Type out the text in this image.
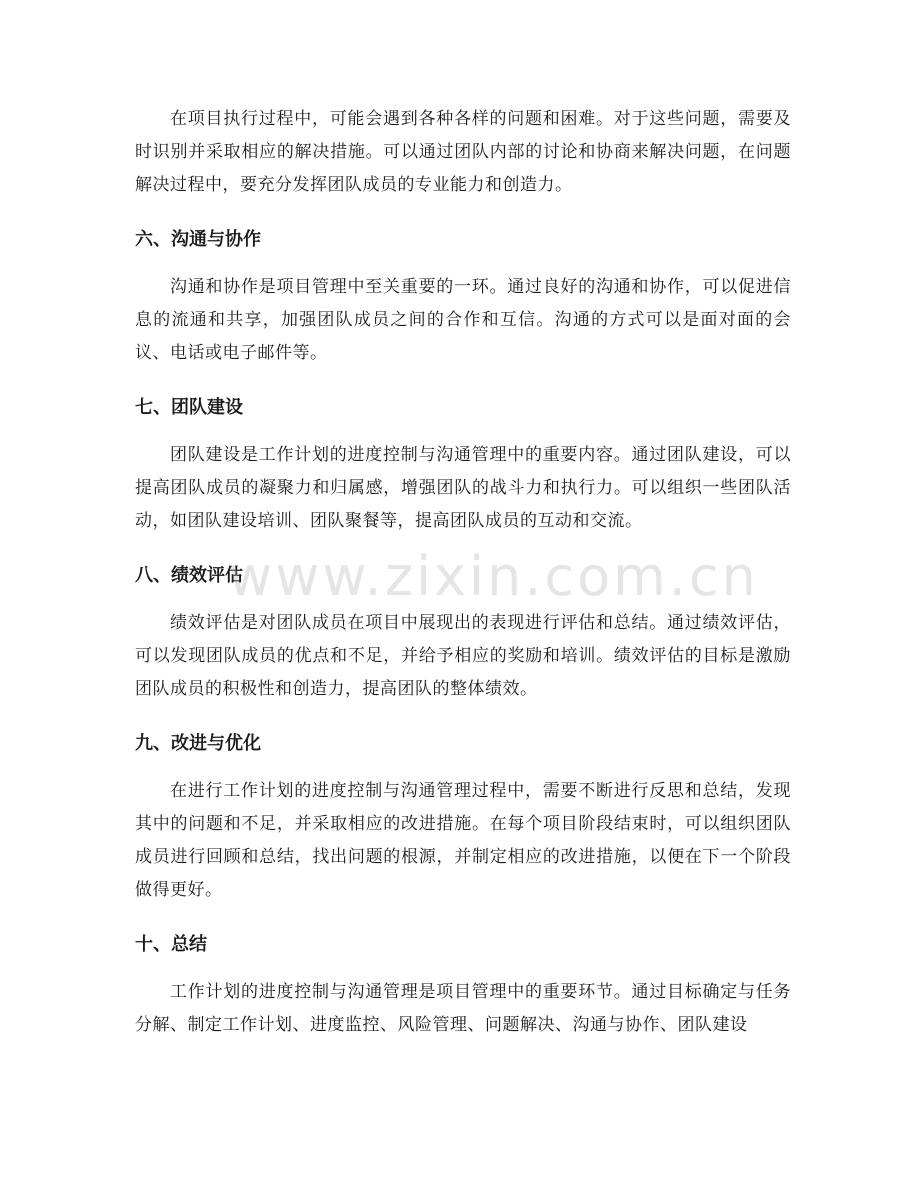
在项目执行过程中，可能会遇到各种各样的问题和困难。对于这些问题，需要及时识别并采取相应的解决措施。可以通过团队内部的讨论和协商来解决问题，在问题解决过程中，要充分发挥团队成员的专业能力和创造力。

六、沟通与协作

沟通和协作是项目管理中至关重要的一环。通过良好的沟通和协作，可以促进信息的流通和共享，加强团队成员之间的合作和互信。沟通的方式可以是面对面的会议、电话或电子邮件等。

七、团队建设

团队建设是工作计划的进度控制与沟通管理中的重要内容。通过团队建设，可以提高团队成员的凝聚力和归属感，增强团队的战斗力和执行力。可以组织一些团队活动，如团队建设培训、团队聚餐等，提高团队成员的互动和交流。

八、绩效评估

绩效评估是对团队成员在项目中展现出的表现进行评估和总结。通过绩效评估，可以发现团队成员的优点和不足，并给予相应的奖励和培训。绩效评估的目标是激励团队成员的积极性和创造力，提高团队的整体绩效。

九、改进与优化

在进行工作计划的进度控制与沟通管理过程中，需要不断进行反思和总结，发现其中的问题和不足，并采取相应的改进措施。在每个项目阶段结束时，可以组织团队成员进行回顾和总结，找出问题的根源，并制定相应的改进措施，以便在下一个阶段做得更好。

十、总结

工作计划的进度控制与沟通管理是项目管理中的重要环节。通过目标确定与任务分解、制定工作计划、进度监控、风险管理、问题解决、沟通与协作、团队建设

www.zixin.com.cn
